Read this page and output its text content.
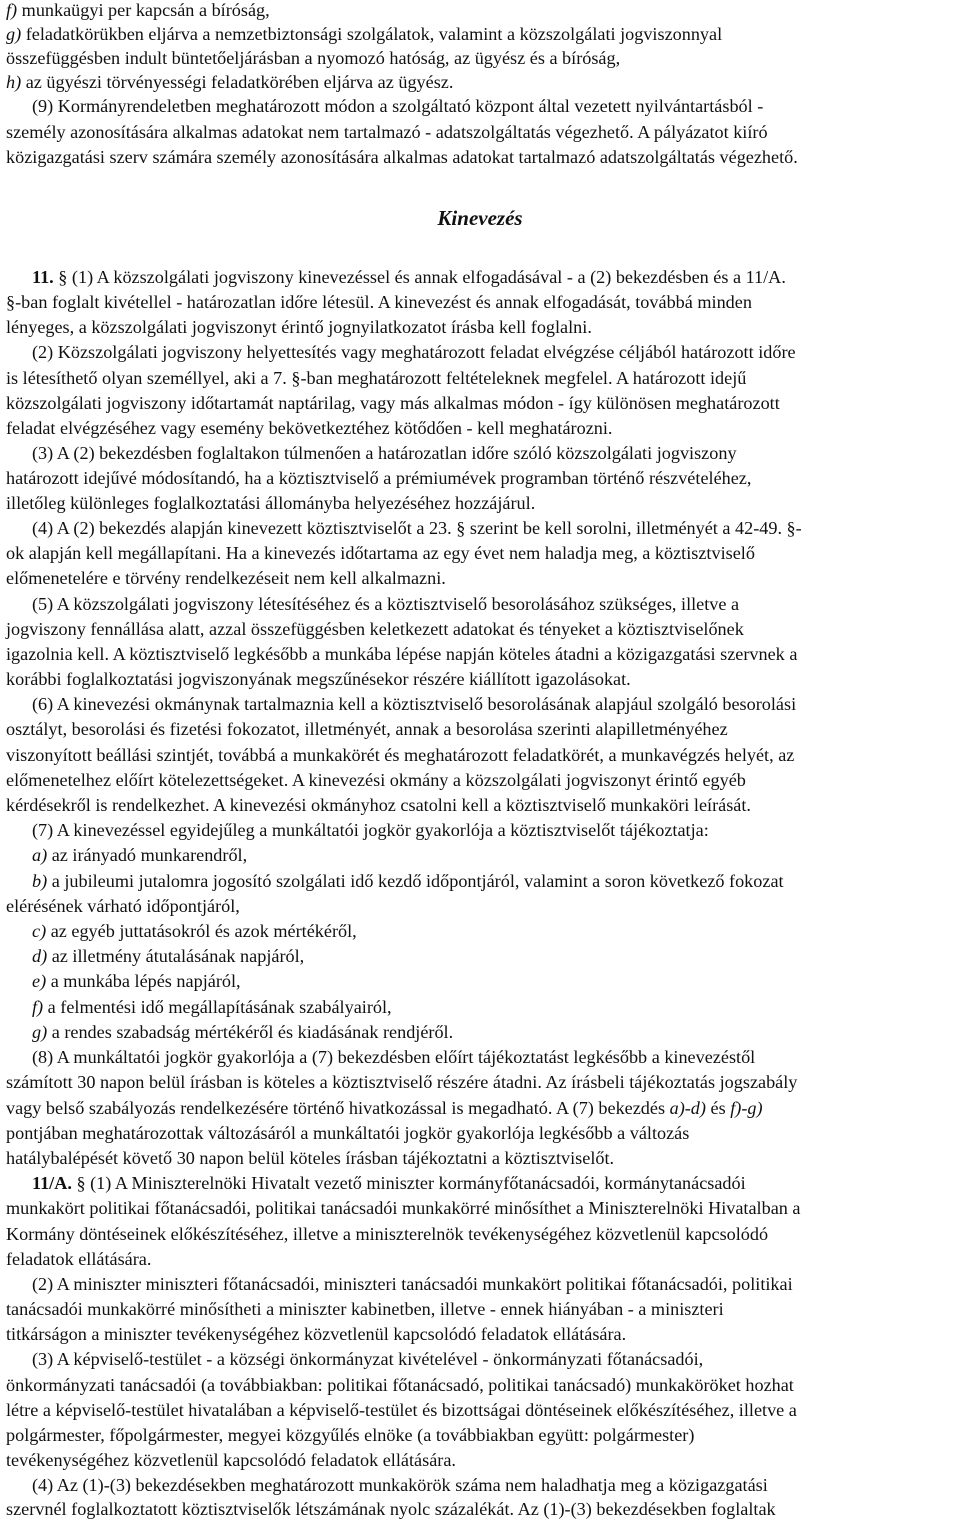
f) munkaügyi per kapcsán a bíróság,
g) feladatkörükben eljárva a nemzetbiztonsági szolgálatok, valamint a közszolgálati jogviszonnyal
összefüggésben indult büntetőeljárásban a nyomozó hatóság, az ügyész és a bíróság,
h) az ügyészi törvényességi feladatkörében eljárva az ügyész.
(9) Kormányrendeletben meghatározott módon a szolgáltató központ által vezetett nyilvántartásból -
személy azonosítására alkalmas adatokat nem tartalmazó - adatszolgáltatás végezhető. A pályázatot kiíró
közigazgatási szerv számára személy azonosítására alkalmas adatokat tartalmazó adatszolgáltatás végezhető.
Kinevezés
11. § (1) A közszolgálati jogviszony kinevezéssel és annak elfogadásával - a (2) bekezdésben és a 11/A.
§-ban foglalt kivétellel - határozatlan időre létesül. A kinevezést és annak elfogadását, továbbá minden
lényeges, a közszolgálati jogviszonyt érintő jognyilatkozatot írásba kell foglalni.
(2) Közszolgálati jogviszony helyettesítés vagy meghatározott feladat elvégzése céljából határozott időre
is létesíthető olyan személlyel, aki a 7. §-ban meghatározott feltételeknek megfelel. A határozott idejű
közszolgálati jogviszony időtartamát naptárilag, vagy más alkalmas módon - így különösen meghatározott
feladat elvégzéséhez vagy esemény bekövetkeztéhez kötődően - kell meghatározni.
(3) A (2) bekezdésben foglaltakon túlmenően a határozatlan időre szóló közszolgálati jogviszony
határozott idejűvé módosítandó, ha a köztisztviselő a prémiumévek programban történő részvételéhez,
illetőleg különleges foglalkoztatási állományba helyezéséhez hozzájárul.
(4) A (2) bekezdés alapján kinevezett köztisztviselőt a 23. § szerint be kell sorolni, illetményét a 42-49. §-
ok alapján kell megállapítani. Ha a kinevezés időtartama az egy évet nem haladja meg, a köztisztviselő
előmenetelére e törvény rendelkezéseit nem kell alkalmazni.
(5) A közszolgálati jogviszony létesítéséhez és a köztisztviselő besorolásához szükséges, illetve a
jogviszony fennállása alatt, azzal összefüggésben keletkezett adatokat és tényeket a köztisztviselőnek
igazolnia kell. A köztisztviselő legkésőbb a munkába lépése napján köteles átadni a közigazgatási szervnek a
korábbi foglalkoztatási jogviszonyának megszűnésekor részére kiállított igazolásokat.
(6) A kinevezési okmánynak tartalmaznia kell a köztisztviselő besorolásának alapjául szolgáló besorolási
osztályt, besorolási és fizetési fokozatot, illetményét, annak a besorolása szerinti alapilletményéhez
viszonyított beállási szintjét, továbbá a munkakörét és meghatározott feladatkörét, a munkavégzés helyét, az
előmenetelhez előírt kötelezettségeket. A kinevezési okmány a közszolgálati jogviszonyt érintő egyéb
kérdésekről is rendelkezhet. A kinevezési okmányhoz csatolni kell a köztisztviselő munkaköri leírását.
(7) A kinevezéssel egyidejűleg a munkáltatói jogkör gyakorlója a köztisztviselőt tájékoztatja:
a) az irányadó munkarendről,
b) a jubileumi jutalomra jogosító szolgálati idő kezdő időpontjáról, valamint a soron következő fokozat
elérésének várható időpontjáról,
c) az egyéb juttatásokról és azok mértékéről,
d) az illetmény átutalásának napjáról,
e) a munkába lépés napjáról,
f) a felmentési idő megállapításának szabályairól,
g) a rendes szabadság mértékéről és kiadásának rendjéről.
(8) A munkáltatói jogkör gyakorlója a (7) bekezdésben előírt tájékoztatást legkésőbb a kinevezéstől
számított 30 napon belül írásban is köteles a köztisztviselő részére átadni. Az írásbeli tájékoztatás jogszabály
vagy belső szabályozás rendelkezésére történő hivatkozással is megadható. A (7) bekezdés a)-d) és f)-g)
pontjában meghatározottak változásáról a munkáltatói jogkör gyakorlója legkésőbb a változás
hatálybalépését követő 30 napon belül köteles írásban tájékoztatni a köztisztviselőt.
11/A. § (1) A Miniszterelnöki Hivatalt vezető miniszter kormányfőtanácsadói, kormánytanácsadói
munkakört politikai főtanácsadói, politikai tanácsadói munkakörré minősíthet a Miniszterelnöki Hivatalban a
Kormány döntéseinek előkészítéséhez, illetve a miniszterelnök tevékenységéhez közvetlenül kapcsolódó
feladatok ellátására.
(2) A miniszter miniszteri főtanácsadói, miniszteri tanácsadói munkakört politikai főtanácsadói, politikai
tanácsadói munkakörré minősítheti a miniszter kabinetben, illetve - ennek hiányában - a miniszteri
titkárságon a miniszter tevékenységéhez közvetlenül kapcsolódó feladatok ellátására.
(3) A képviselő-testület - a községi önkormányzat kivételével - önkormányzati főtanácsadói,
önkormányzati tanácsadói (a továbbiakban: politikai főtanácsadó, politikai tanácsadó) munkaköröket hozhat
létre a képviselő-testület hivatalában a képviselő-testület és bizottságai döntéseinek előkészítéséhez, illetve a
polgármester, főpolgármester, megyei közgyűlés elnöke (a továbbiakban együtt: polgármester)
tevékenységéhez közvetlenül kapcsolódó feladatok ellátására.
(4) Az (1)-(3) bekezdésekben meghatározott munkakörök száma nem haladhatja meg a közigazgatási
szervnél foglalkoztatott köztisztviselők létszámának nyolc százalékát. Az (1)-(3) bekezdésekben foglaltak
